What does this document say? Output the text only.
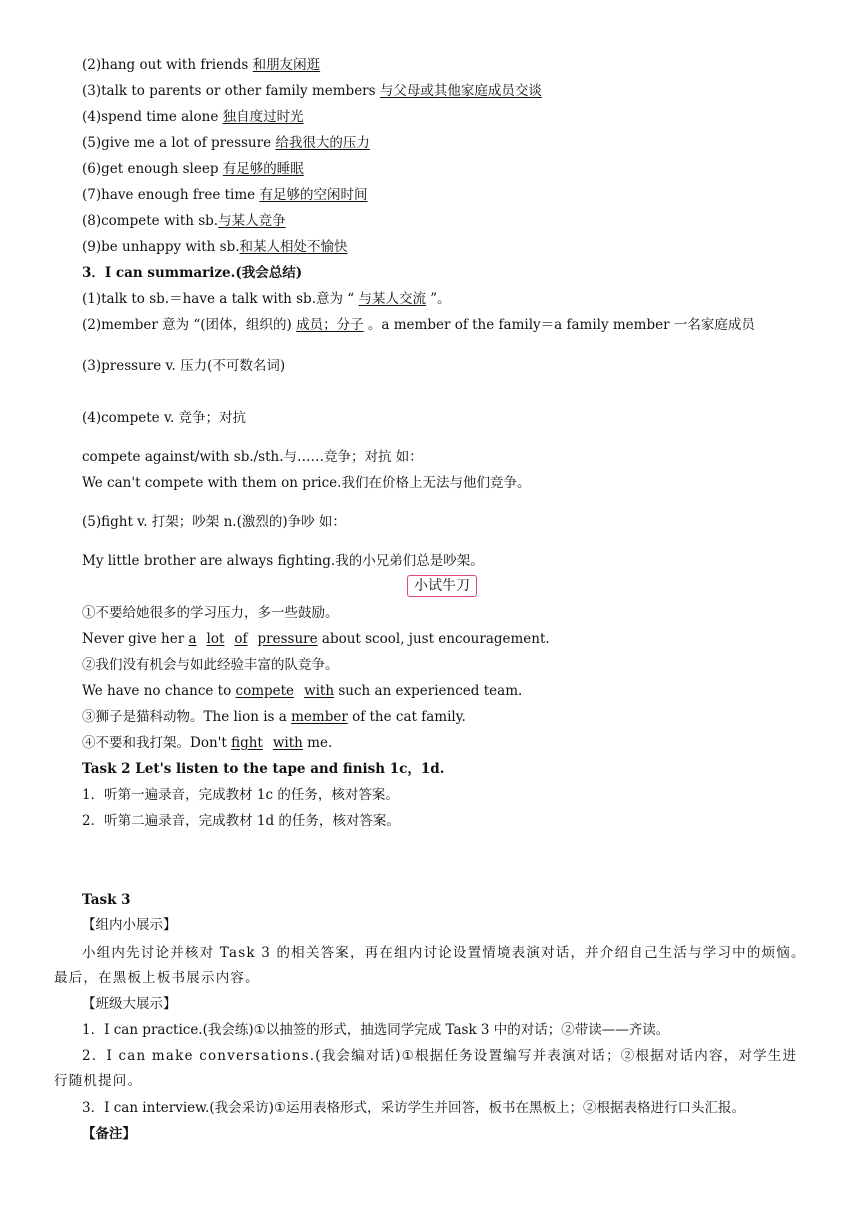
(2)hang out with friends 和朋友闲逛
(3)talk to parents or other family members 与父母或其他家庭成员交谈
(4)spend time alone 独自度过时光
(5)give me a lot of pressure 给我很大的压力
(6)get enough sleep 有足够的睡眠
(7)have enough free time 有足够的空闲时间
(8)compete with sb.与某人竞争
(9)be unhappy with sb.和某人相处不愉快
3．I can summarize.(我会总结)
(1)talk to sb.＝have a talk with sb.意为 “ 与某人交流 ”。
(2)member 意为 “(团体，组织的) 成员；分子 。a member of the family＝a family member 一名家庭成员
(3)pressure v. 压力(不可数名词)
(4)compete v. 竞争；对抗
compete against/with sb./sth.与……竞争；对抗 如：
We can't compete with them on price.我们在价格上无法与他们竞争。
(5)fight v. 打架；吵架 n.(激烈的)争吵 如：
My little brother are always fighting.我的小兄弟们总是吵架。
小试牛刀
①不要给她很多的学习压力，多一些鼓励。
Never give her a lot of pressure about scool, just encouragement.
②我们没有机会与如此经验丰富的队竞争。
We have no chance to compete with such an experienced team.
③狮子是猫科动物。The lion is a member of the cat family.
④不要和我打架。Don't fight with me.
Task 2 Let's listen to the tape and finish 1c，1d.
1．听第一遍录音，完成教材 1c 的任务，核对答案。
2．听第二遍录音，完成教材 1d 的任务，核对答案。
Task 3
【组内小展示】
小组内先讨论并核对 Task 3 的相关答案，再在组内讨论设置情境表演对话，并介绍自己生活与学习中的烦恼。最后，在黑板上板书展示内容。
【班级大展示】
1．I can practice.(我会练)①以抽签的形式，抽选同学完成 Task 3 中的对话；②带读——齐读。
2．I can make conversations.(我会编对话)①根据任务设置编写并表演对话；②根据对话内容，对学生进行随机提问。
3．I can interview.(我会采访)①运用表格形式，采访学生并回答，板书在黑板上；②根据表格进行口头汇报。
【备注】
